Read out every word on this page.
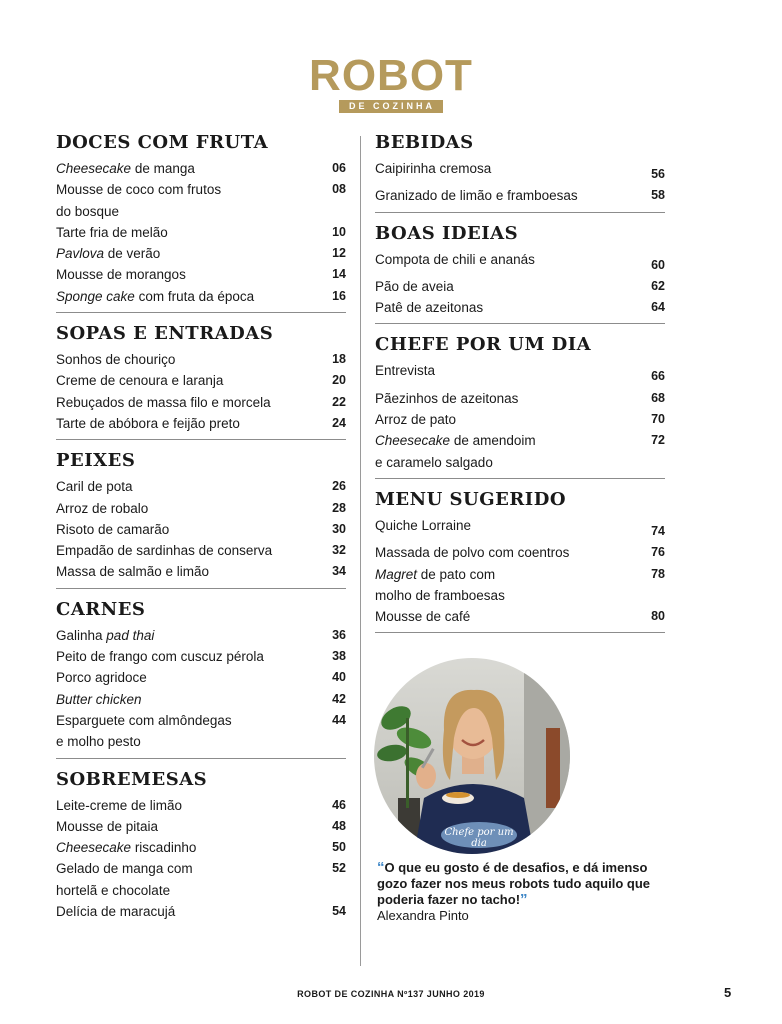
ROBOT
DE COZINHA
DOCES COM FRUTA
Cheesecake de manga	06
Mousse de coco com frutos	08
do bosque
Tarte fria de melão	10
Pavlova de verão	12
Mousse de morangos	14
Sponge cake com fruta da época	16
SOPAS E ENTRADAS
Sonhos de chouriço	18
Creme de cenoura e laranja	20
Rebuçados de massa filo e morcela	22
Tarte de abóbora e feijão preto	24
PEIXES
Caril de pota	26
Arroz de robalo	28
Risoto de camarão	30
Empadão de sardinhas de conserva	32
Massa de salmão e limão	34
CARNES
Galinha pad thai	36
Peito de frango com cuscuz pérola	38
Porco agridoce	40
Butter chicken	42
Esparguete com almôndegas	44
e molho pesto
SOBREMESAS
Leite-creme de limão	46
Mousse de pitaia	48
Cheesecake riscadinho	50
Gelado de manga com	52
hortelã e chocolate
Delícia de maracujá	54
BEBIDAS
Caipirinha cremosa	56
Granizado de limão e framboesas	58
BOAS IDEIAS
Compota de chili e ananás	60
Pão de aveia	62
Patê de azeitonas	64
CHEFE POR UM DIA
Entrevista	66
Pãezinhos de azeitonas	68
Arroz de pato	70
Cheesecake de amendoim	72
e caramelo salgado
MENU SUGERIDO
Quiche Lorraine	74
Massada de polvo com coentros	76
Magret de pato com	78
molho de framboesas
Mousse de café	80
Chefe por um dia
“O que eu gosto é de desafios, e dá imenso gozo fazer nos meus robots tudo aquilo que poderia fazer no tacho!”
Alexandra Pinto
ROBOT DE COZINHA Nº137 JUNHO 2019	5
